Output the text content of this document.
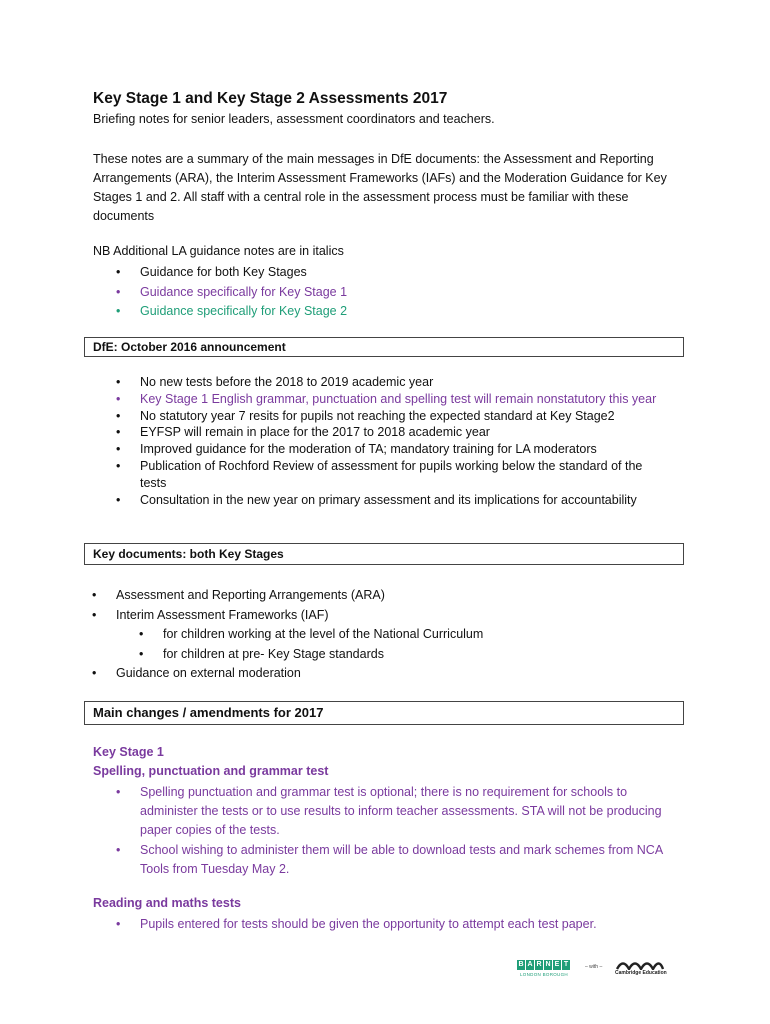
Key Stage 1 and Key Stage 2 Assessments 2017
Briefing notes for senior leaders, assessment coordinators and teachers.
These notes are a summary of the main messages in DfE documents: the Assessment and Reporting Arrangements (ARA), the Interim Assessment Frameworks (IAFs) and the Moderation Guidance for Key Stages 1 and 2. All staff with a central role in the assessment process must be familiar with these documents
NB Additional LA guidance notes are in italics
• Guidance for both Key Stages
• Guidance specifically for Key Stage 1
• Guidance specifically for Key Stage 2
DfE: October 2016 announcement
• No new tests before the 2018 to 2019 academic year
• Key Stage 1 English grammar, punctuation and spelling test will remain nonstatutory this year
• No statutory year 7 resits for pupils not reaching the expected standard at Key Stage2
• EYFSP will remain in place for the 2017 to 2018 academic year
• Improved guidance for the moderation of TA; mandatory training for LA moderators
• Publication of Rochford Review of assessment for pupils working below the standard of the tests
• Consultation in the new year on primary assessment and its implications for accountability
Key documents: both Key Stages
• Assessment and Reporting Arrangements (ARA)
• Interim Assessment Frameworks (IAF)
• for children working at the level of the National Curriculum
• for children at pre- Key Stage standards
• Guidance on external moderation
Main changes / amendments for 2017
Key Stage 1
Spelling, punctuation and grammar test
• Spelling punctuation and grammar test is optional; there is no requirement for schools to administer the tests or to use results to inform teacher assessments. STA will not be producing paper copies of the tests.
• School wishing to administer them will be able to download tests and mark schemes from NCA Tools from Tuesday May 2.
Reading and maths tests
• Pupils entered for tests should be given the opportunity to attempt each test paper.
B A R N E T
LONDON BOROUGH
– with –
Cambridge Education
